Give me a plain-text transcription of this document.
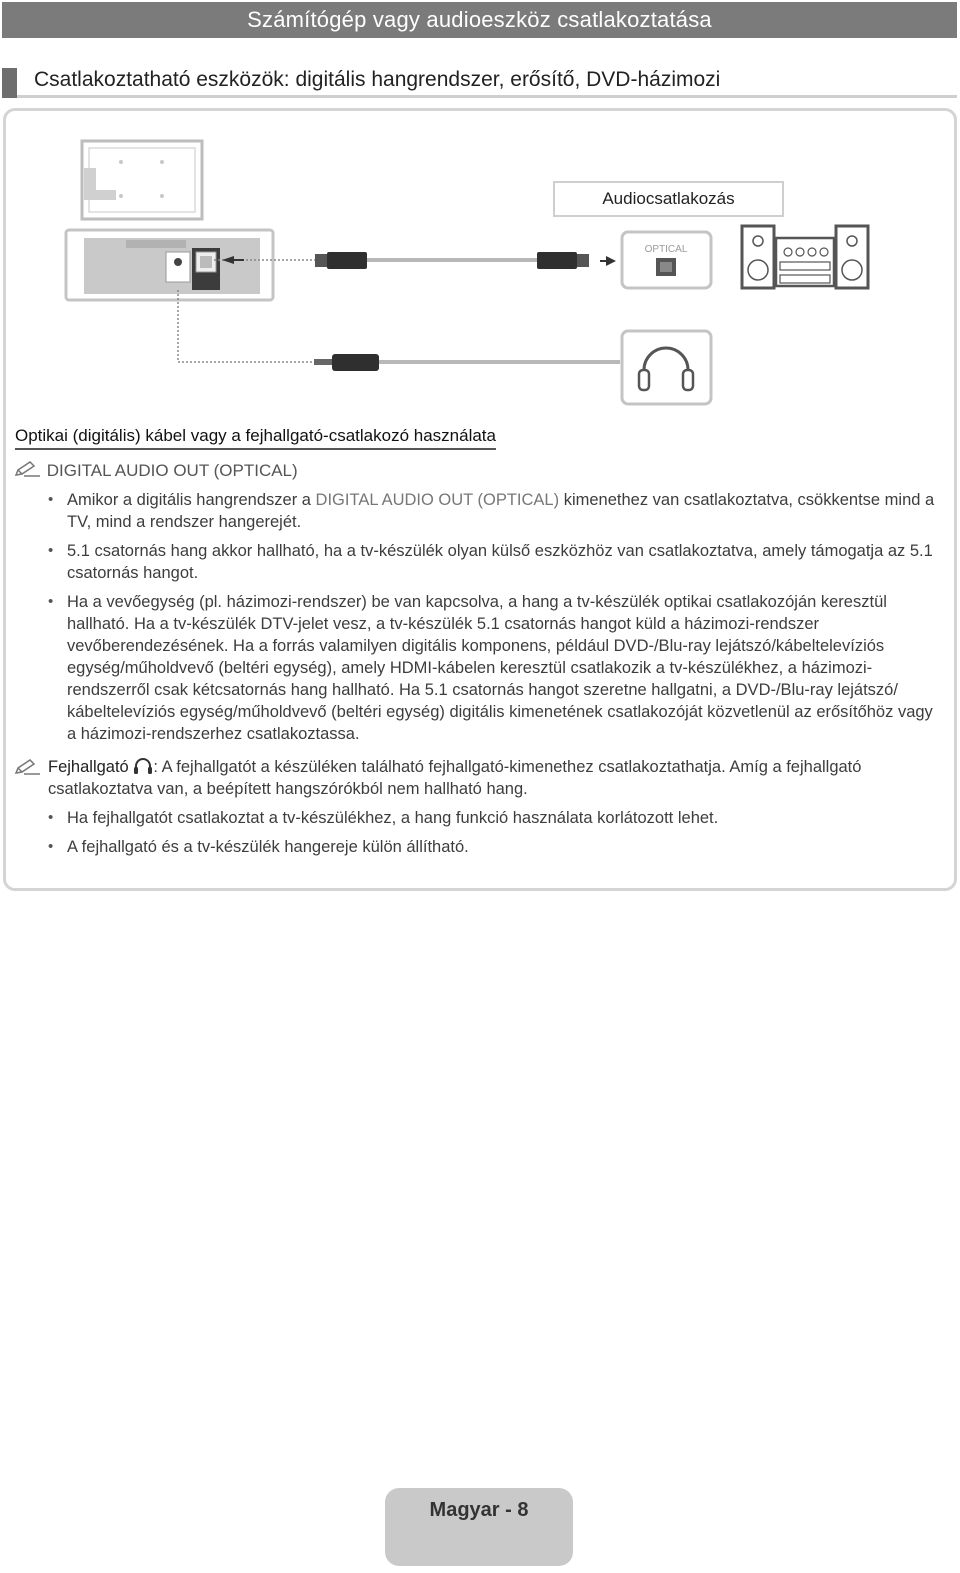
Számítógép vagy audioeszköz csatlakoztatása
Csatlakoztatható eszközök: digitális hangrendszer, erősítő, DVD-házimozi
OPTICAL
Audiocsatlakozás
Optikai (digitális) kábel vagy a fejhallgató-csatlakozó használata
DIGITAL AUDIO OUT (OPTICAL)
• Amikor a digitális hangrendszer a DIGITAL AUDIO OUT (OPTICAL) kimenethez van csatlakoztatva, csökkentse mind a TV, mind a rendszer hangerejét.
• 5.1 csatornás hang akkor hallható, ha a tv-készülék olyan külső eszközhöz van csatlakoztatva, amely támogatja az 5.1 csatornás hangot.
• Ha a vevőegység (pl. házimozi-rendszer) be van kapcsolva, a hang a tv-készülék optikai csatlakozóján keresztül hallható. Ha a tv-készülék DTV-jelet vesz, a tv-készülék 5.1 csatornás hangot küld a házimozi-rendszer vevőberendezésének. Ha a forrás valamilyen digitális komponens, például DVD-/Blu-ray lejátszó/kábeltelevíziós egység/műholdvevő (beltéri egység), amely HDMI-kábelen keresztül csatlakozik a tv-készülékhez, a házimozi-rendszerről csak kétcsatornás hang hallható. Ha 5.1 csatornás hangot szeretne hallgatni, a DVD-/Blu-ray lejátszó/ kábeltelevíziós egység/műholdvevő (beltéri egység) digitális kimenetének csatlakozóját közvetlenül az erősítőhöz vagy a házimozi-rendszerhez csatlakoztassa.
Fejhallgató : A fejhallgatót a készüléken található fejhallgató-kimenethez csatlakoztathatja. Amíg a fejhallgató csatlakoztatva van, a beépített hangszórókból nem hallható hang.
• Ha fejhallgatót csatlakoztat a tv-készülékhez, a hang funkció használata korlátozott lehet.
• A fejhallgató és a tv-készülék hangereje külön állítható.
Magyar - 8
